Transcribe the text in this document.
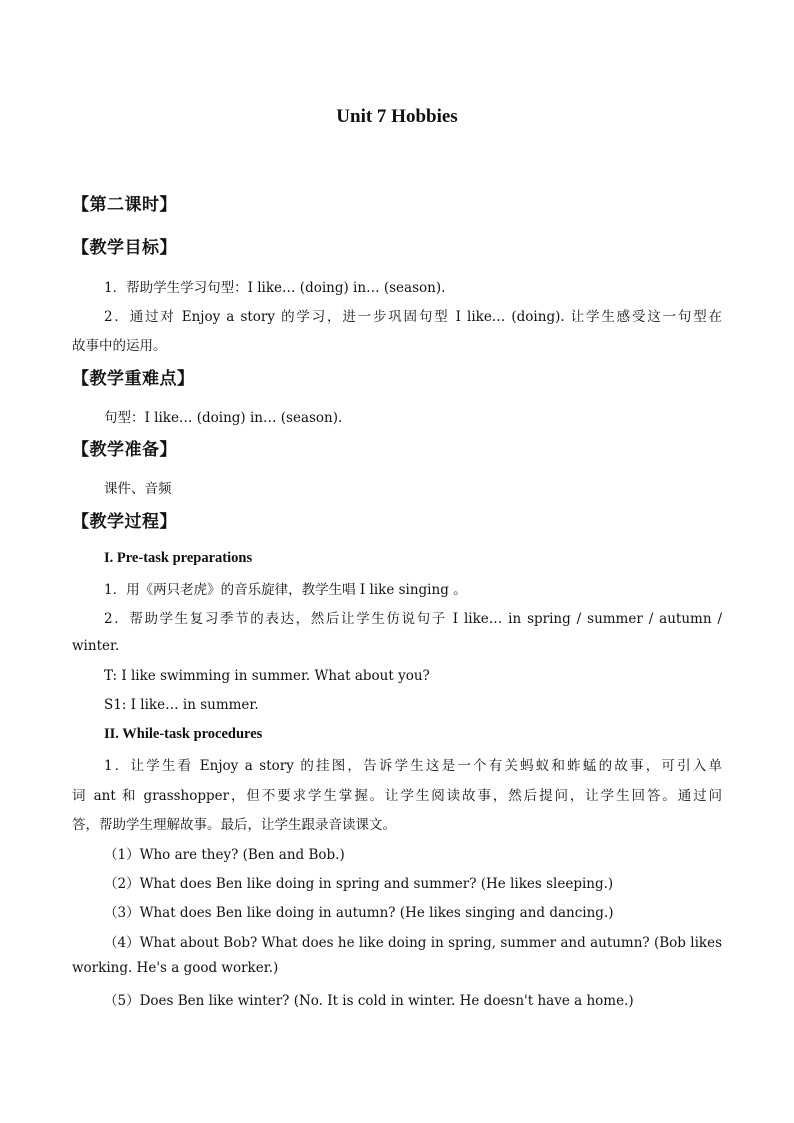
Unit 7 Hobbies
【第二课时】
【教学目标】
1．帮助学生学习句型：I like… (doing) in… (season).
2．通过对 Enjoy a story 的学习，进一步巩固句型 I like… (doing). 让学生感受这一句型在
故事中的运用。
【教学重难点】
句型：I like… (doing) in… (season).
【教学准备】
课件、音频
【教学过程】
I. Pre-task preparations
1．用《两只老虎》的音乐旋律，教学生唱 I like singing 。
2．帮助学生复习季节的表达，然后让学生仿说句子 I like… in spring / summer / autumn /
winter.
T: I like swimming in summer. What about you?
S1: I like… in summer.
II. While-task procedures
1．让学生看 Enjoy a story 的挂图，告诉学生这是一个有关蚂蚁和蚱蜢的故事，可引入单
词 ant 和 grasshopper，但不要求学生掌握。让学生阅读故事，然后提问，让学生回答。通过问
答，帮助学生理解故事。最后，让学生跟录音读课文。
（1）Who are they? (Ben and Bob.)
（2）What does Ben like doing in spring and summer? (He likes sleeping.)
（3）What does Ben like doing in autumn? (He likes singing and dancing.)
（4）What about Bob? What does he like doing in spring, summer and autumn? (Bob likes
working. He's a good worker.)
（5）Does Ben like winter? (No. It is cold in winter. He doesn't have a home.)
